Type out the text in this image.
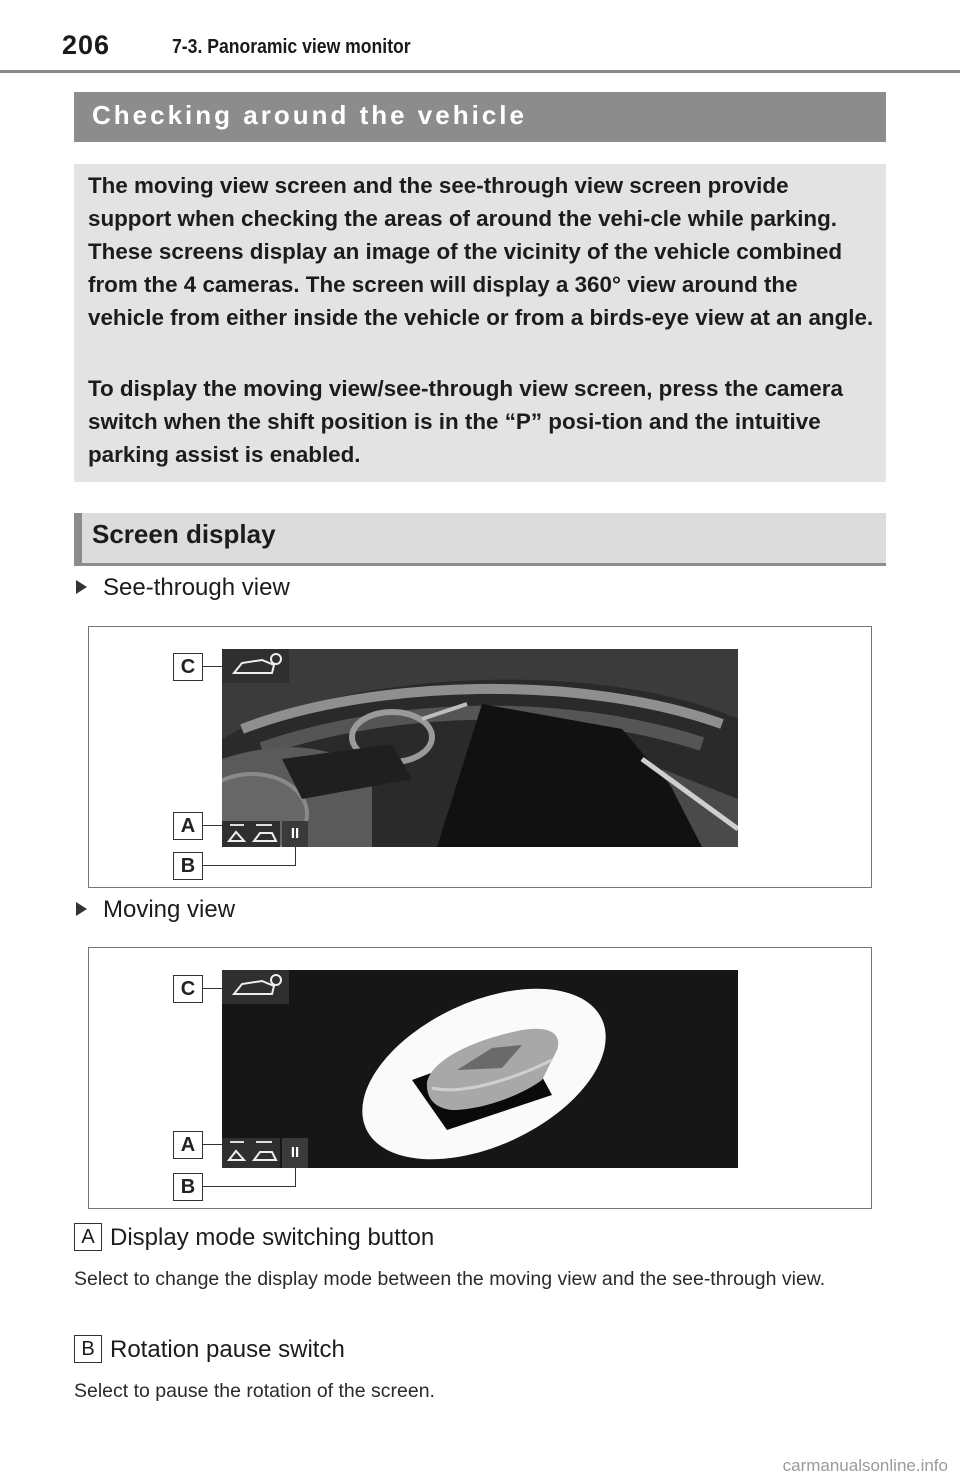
206	7-3. Panoramic view monitor
Checking around the vehicle

The moving view screen and the see-through view screen provide support when checking the areas of around the vehi-cle while parking. These screens display an image of the vicinity of the vehicle combined from the 4 cameras. The screen will display a 360° view around the vehicle from either inside the vehicle or from a birds-eye view at an angle.

To display the moving view/see-through view screen, press the camera switch when the shift position is in the “P” posi-tion and the intuitive parking assist is enabled.

Screen display
See-through view
II
C
A
B
Moving view
II
C
A
B
A Display mode switching button
Select to change the display mode between the moving view and the see-through view.
B Rotation pause switch
Select to pause the rotation of the screen.
carmanualsonline.info
